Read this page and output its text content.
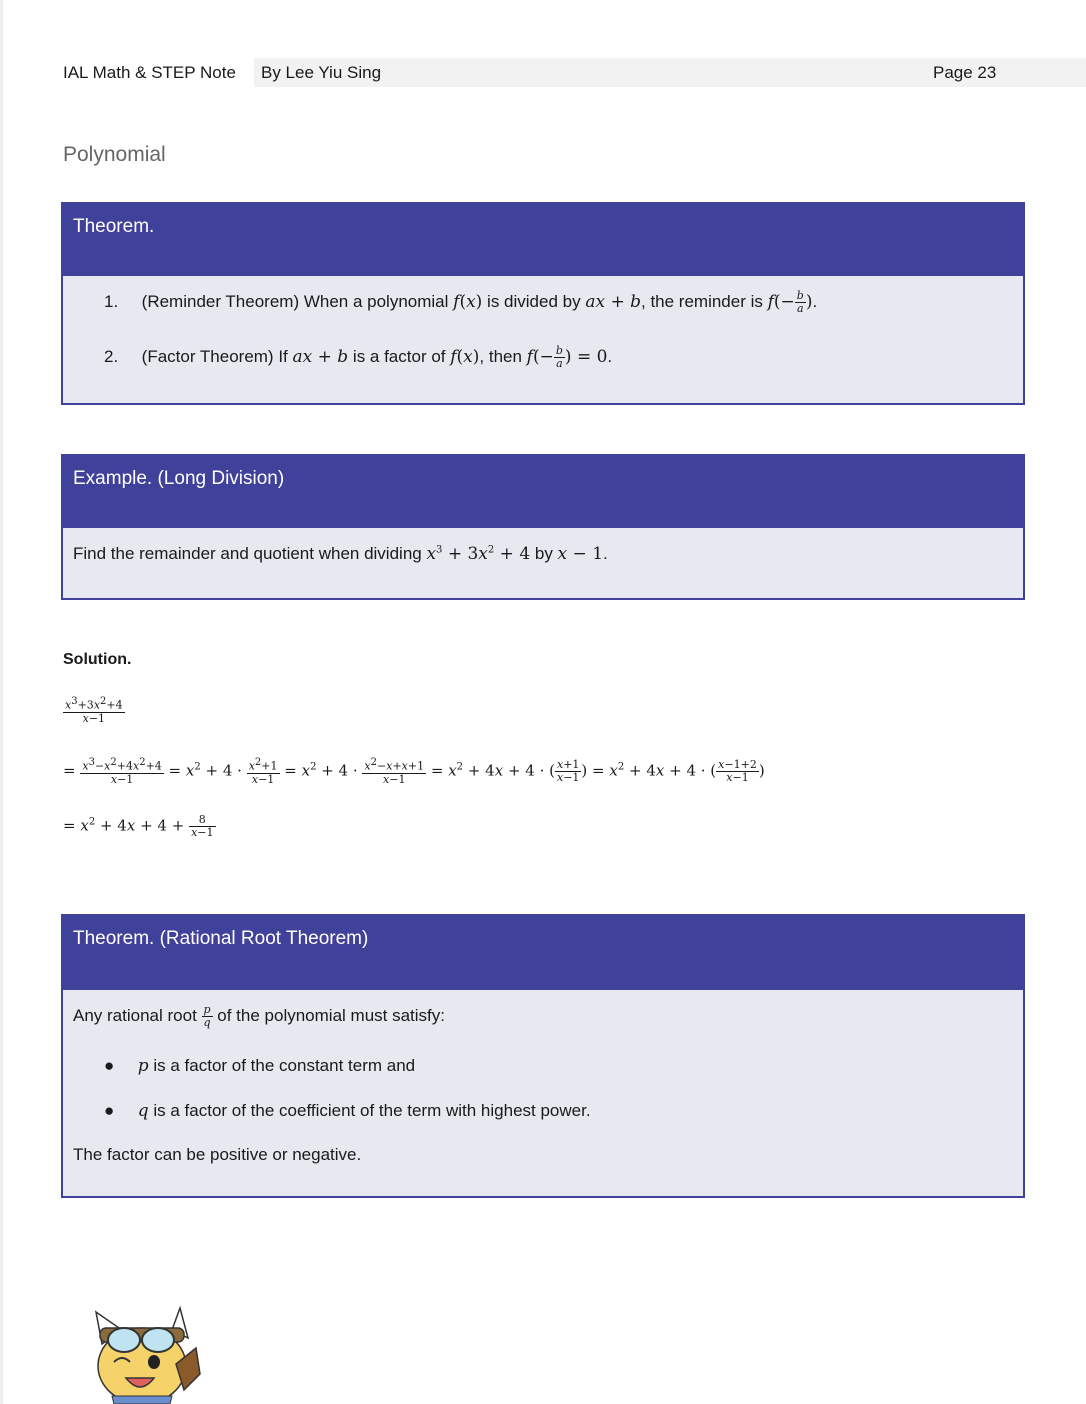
IAL Math & STEP Note By Lee Yiu Sing	Page 23
Polynomial
Theorem.
1. (Reminder Theorem) When a polynomial f(x) is divided by ax + b, the reminder is $f(- \frac{b}{a}$ ).
2. (Factor Theorem) If ax + b is a factor of f(x), then $f(- \frac{b}{a}$ ) = 0.
Example. (Long Division)
Find the remainder and quotient when dividing $x^3 + 3x^2 + 4$ by x − 1.
Solution.
$\frac{x^3+3x^2+4}{x-1}$
= $\frac{x^3-x^2+4x^2+4}{x-1} = x^2 + 4 \cdot \frac{x^2+1}{x-1} = x^2 + 4 \cdot \frac{x^2-x+x+1}{x-1} = x^2 + 4x + 4$ · ( $\frac{x+1}{x-1}$ ) = $x^2 + 4x + 4$ · ( $\frac{x-1+2}{x-1}$ )
= $x^2 + 4x + 4 + \frac{8}{x-1}$
Theorem. (Rational Root Theorem)
Any rational root $\frac{p}{q}$ of the polynomial must satisfy:
● p is a factor of the constant term and
● q is a factor of the coefficient of the term with highest power.
The factor can be positive or negative.
